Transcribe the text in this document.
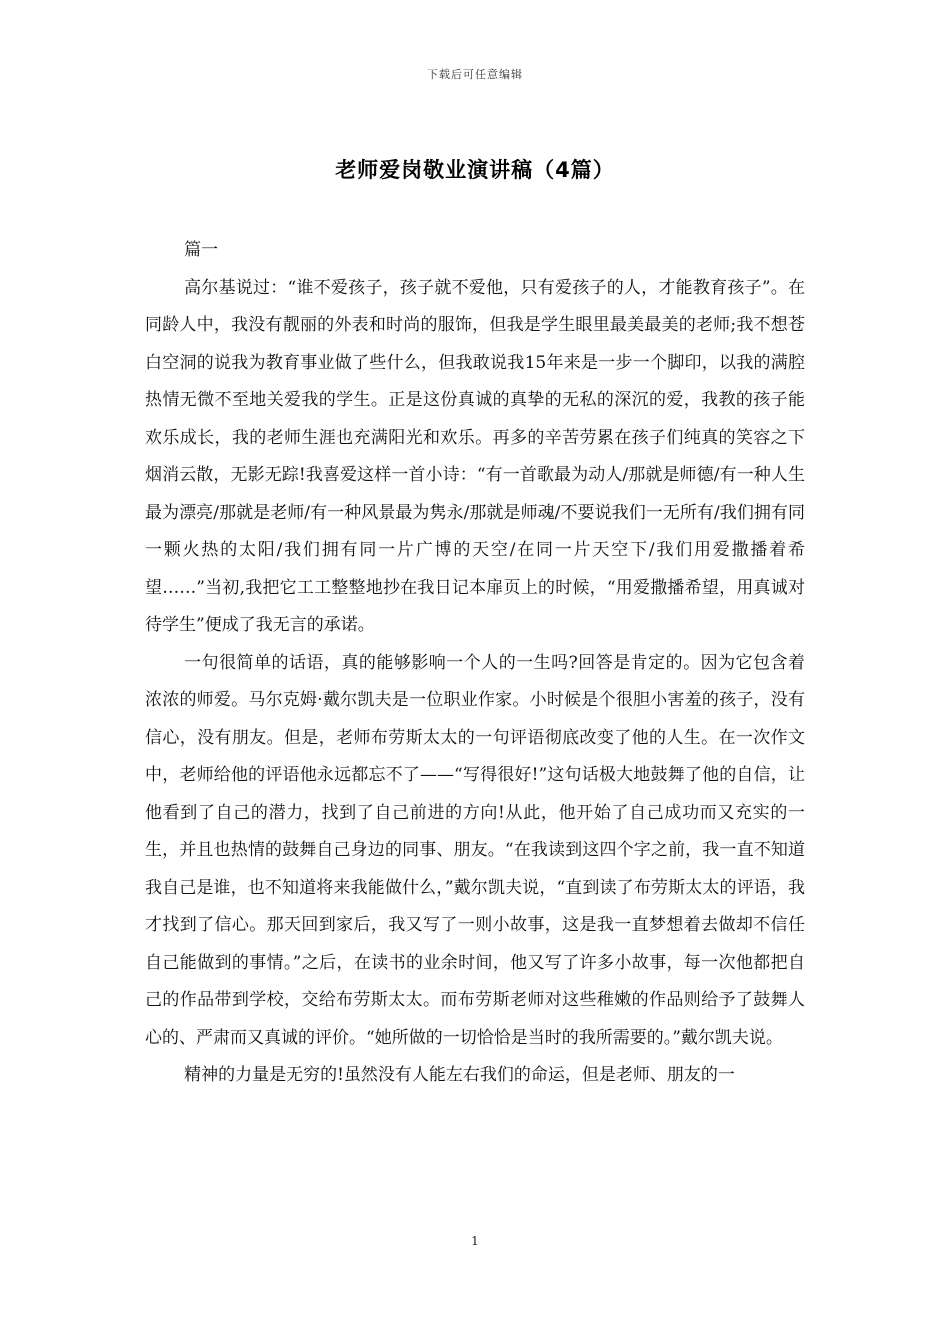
下载后可任意编辑
老师爱岗敬业演讲稿（4篇）
篇一

高尔基说过：“谁不爱孩子，孩子就不爱他，只有爱孩子的人，才能教育孩子”。在同龄人中，我没有靓丽的外表和时尚的服饰，但我是学生眼里最美最美的老师;我不想苍白空洞的说我为教育事业做了些什么，但我敢说我15年来是一步一个脚印，以我的满腔热情无微不至地关爱我的学生。正是这份真诚的真挚的无私的深沉的爱，我教的孩子能欢乐成长，我的老师生涯也充满阳光和欢乐。再多的辛苦劳累在孩子们纯真的笑容之下烟消云散，无影无踪!我喜爱这样一首小诗：“有一首歌最为动人/那就是师德/有一种人生最为漂亮/那就是老师/有一种风景最为隽永/那就是师魂/不要说我们一无所有/我们拥有同一颗火热的太阳/我们拥有同一片广博的天空/在同一片天空下/我们用爱撒播着希望……”当初,我把它工工整整地抄在我日记本扉页上的时候，“用爱撒播希望，用真诚对待学生”便成了我无言的承诺。

一句很简单的话语，真的能够影响一个人的一生吗?回答是肯定的。因为它包含着浓浓的师爱。马尔克姆·戴尔凯夫是一位职业作家。小时候是个很胆小害羞的孩子，没有信心，没有朋友。但是，老师布劳斯太太的一句评语彻底改变了他的人生。在一次作文中，老师给他的评语他永远都忘不了——“写得很好!”这句话极大地鼓舞了他的自信，让他看到了自己的潜力，找到了自己前进的方向!从此，他开始了自己成功而又充实的一生，并且也热情的鼓舞自己身边的同事、朋友。“在我读到这四个字之前，我一直不知道我自己是谁，也不知道将来我能做什么，”戴尔凯夫说，“直到读了布劳斯太太的评语，我才找到了信心。那天回到家后，我又写了一则小故事，这是我一直梦想着去做却不信任自己能做到的事情。”之后，在读书的业余时间，他又写了许多小故事，每一次他都把自己的作品带到学校，交给布劳斯太太。而布劳斯老师对这些稚嫩的作品则给予了鼓舞人心的、严肃而又真诚的评价。“她所做的一切恰恰是当时的我所需要的。”戴尔凯夫说。

精神的力量是无穷的!虽然没有人能左右我们的命运，但是老师、朋友的一

1
